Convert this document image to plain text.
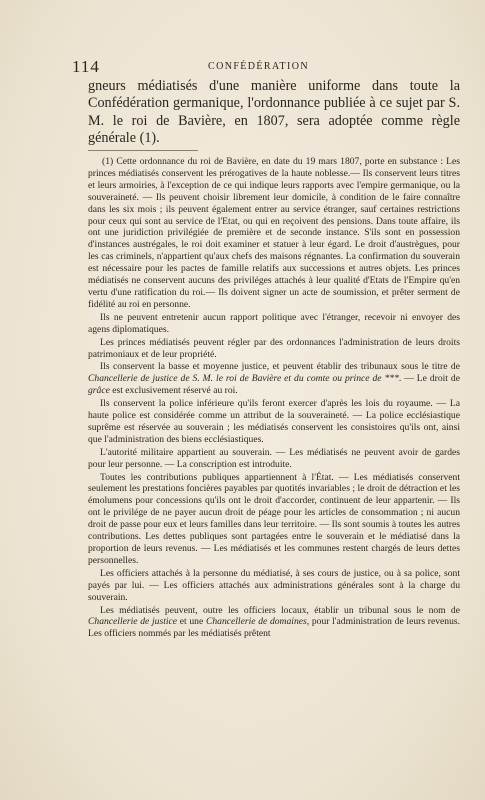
114	CONFÉDÉRATION

gneurs médiatisés d'une manière uniforme dans toute la Confédération germanique, l'ordonnance publiée à ce sujet par S. M. le roi de Bavière, en 1807, sera adoptée comme règle générale (1).

(1) Cette ordonnance du roi de Bavière, en date du 19 mars 1807, porte en substance : Les princes médiatisés conservent les prérogatives de la haute noblesse.— Ils conservent leurs titres et leurs armoiries, à l'exception de ce qui indique leurs rapports avec l'empire germanique, ou la souveraineté. — Ils peuvent choisir librement leur domicile, à condition de le faire connaître dans les six mois ; ils peuvent également entrer au service étranger, sauf certaines restrictions pour ceux qui sont au service de l'Etat, ou qui en reçoivent des pensions. Dans toute affaire, ils ont une juridiction privilégiée de première et de seconde instance. S'ils sont en possession d'instances austrégales, le roi doit examiner et statuer à leur égard. Le droit d'austrègues, pour les cas criminels, n'appartient qu'aux chefs des maisons régnantes. La confirmation du souverain est nécessaire pour les pactes de famille relatifs aux successions et autres objets. Les princes médiatisés ne conservent aucuns des priviléges attachés à leur qualité d'Etats de l'Empire qu'en vertu d'une ratification du roi.— Ils doivent signer un acte de soumission, et prêter serment de fidélité au roi en personne.

Ils ne peuvent entretenir aucun rapport politique avec l'étranger, recevoir ni envoyer des agens diplomatiques.

Les princes médiatisés peuvent régler par des ordonnances l'administration de leurs droits patrimoniaux et de leur propriété.

Ils conservent la basse et moyenne justice, et peuvent établir des tribunaux sous le titre de Chancellerie de justice de S. M. le roi de Bavière et du comte ou prince de ***. — Le droit de grâce est exclusivement réservé au roi.

Ils conservent la police inférieure qu'ils feront exercer d'après les lois du royaume. — La haute police est considérée comme un attribut de la souveraineté. — La police ecclésiastique suprême est réservée au souverain ; les médiatisés conservent les consistoires qu'ils ont, ainsi que l'administration des biens ecclésiastiques.

L'autorité militaire appartient au souverain. — Les médiatisés ne peuvent avoir de gardes pour leur personne. — La conscription est introduite.

Toutes les contributions publiques appartiennent à l'État. — Les médiatisés conservent seulement les prestations foncières payables par quotités invariables ; le droit de détraction et les émolumens pour concessions qu'ils ont le droit d'accorder, continuent de leur appartenir. — Ils ont le privilége de ne payer aucun droit de péage pour les articles de consommation ; ni aucun droit de passe pour eux et leurs familles dans leur territoire. — Ils sont soumis à toutes les autres contributions. Les dettes publiques sont partagées entre le souverain et le médiatisé dans la proportion de leurs revenus. — Les médiatisés et les communes restent chargés de leurs dettes personnelles.

Les officiers attachés à la personne du médiatisé, à ses cours de justice, ou à sa police, sont payés par lui. — Les officiers attachés aux administrations générales sont à la charge du souverain.

Les médiatisés peuvent, outre les officiers locaux, établir un tribunal sous le nom de Chancellerie de justice et une Chancellerie de domaines, pour l'administration de leurs revenus. Les officiers nommés par les médiatisés prêtent
